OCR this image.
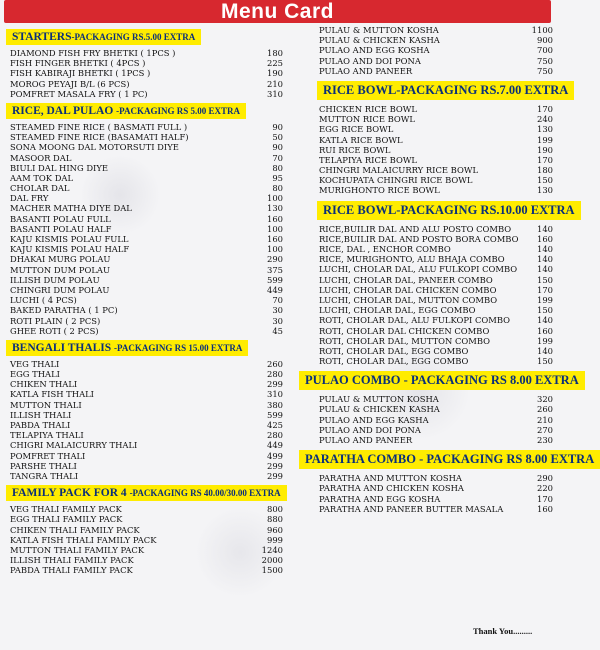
Menu Card
STARTERS-PACKAGING RS.5.00 EXTRA
DIAMOND FISH FRY BHETKI ( 1PCS )	180
FISH FINGER BHETKI ( 4PCS )	225
FISH KABIRAJI BHETKI ( 1PCS )	190
MOROG PEYAJI B/L (6 PCS)	210
POMFRET MASALA FRY ( 1 PC)	310
RICE, DAL PULAO -PACKAGING RS 5.00 EXTRA
STEAMED FINE RICE ( BASMATI FULL )	90
STEAMED FINE RICE (BASAMATI HALF)	50
SONA MOONG DAL MOTORSUTI DIYE	90
MASOOR DAL	70
BIULI DAL HING DIYE	80
AAM TOK DAL	95
CHOLAR DAL	80
DAL FRY	100
MACHER MATHA DIYE DAL	130
BASANTI POLAU FULL	160
BASANTI POLAU HALF	100
KAJU KISMIS POLAU FULL	160
KAJU KISMIS POLAU HALF	100
DHAKAI MURG POLAU	290
MUTTON DUM POLAU	375
ILLISH DUM POLAU	599
CHINGRI DUM POLAU	449
LUCHI ( 4 PCS)	70
BAKED PARATHA ( 1 PC)	30
ROTI PLAIN ( 2 PCS)	30
GHEE ROTI ( 2 PCS)	45
BENGALI THALIS -PACKAGING RS 15.00 EXTRA
VEG THALI	260
EGG THALI	280
CHIKEN THALI	299
KATLA FISH THALI	310
MUTTON THALI	380
ILLISH THALI	599
PABDA THALI	425
TELAPIYA THALI	280
CHIGRI MALAICURRY THALI	449
POMFRET THALI	499
PARSHE THALI	299
TANGRA THALI	299
FAMILY PACK FOR 4 -PACKAGING RS 40.00/30.00 EXTRA
VEG THALI FAMILY PACK	800
EGG THALI FAMILY PACK	880
CHIKEN THALI FAMILY PACK	960
KATLA FISH THALI FAMILY PACK	999
MUTTON THALI FAMILY PACK	1240
ILLISH THALI FAMILY PACK	2000
PABDA THALI FAMILY PACK	1500
PULAU & MUTTON KOSHA	1100
PULAU & CHICKEN KASHA	900
PULAO AND EGG KOSHA	700
PULAO AND DOI PONA	750
PULAO AND PANEER	750
RICE BOWL-PACKAGING RS.7.00 EXTRA
CHICKEN RICE BOWL	170
MUTTON RICE BOWL	240
EGG RICE BOWL	130
KATLA RICE BOWL	199
RUI RICE BOWL	190
TELAPIYA RICE BOWL	170
CHINGRI MALAICURRY RICE BOWL	180
KOCHUPATA CHINGRI RICE BOWL	150
MURIGHONTO RICE BOWL	130
RICE BOWL-PACKAGING RS.10.00 EXTRA
RICE,BUILIR DAL AND ALU POSTO COMBO	140
RICE,BUILIR DAL AND POSTO BORA COMBO	160
RICE, DAL , ENCHOR COMBO	140
RICE, MURIGHONTO, ALU BHAJA COMBO	140
LUCHI, CHOLAR DAL, ALU FULKOPI COMBO	140
LUCHI, CHOLAR DAL, PANEER COMBO	150
LUCHI, CHOLAR DAL CHICKEN COMBO	170
LUCHI, CHOLAR DAL, MUTTON COMBO	199
LUCHI, CHOLAR DAL, EGG COMBO	150
ROTI, CHOLAR DAL, ALU FULKOPI COMBO	140
ROTI, CHOLAR DAL CHICKEN COMBO	160
ROTI, CHOLAR DAL, MUTTON COMBO	199
ROTI, CHOLAR DAL, EGG COMBO	140
ROTI, CHOLAR DAL, EGG COMBO	150
PULAO COMBO - PACKAGING RS 8.00 EXTRA
PULAU & MUTTON KOSHA	320
PULAU & CHICKEN KASHA	260
PULAO AND EGG KASHA	210
PULAO AND DOI PONA	270
PULAO AND PANEER	230
PARATHA COMBO - PACKAGING RS 8.00 EXTRA
PARATHA AND MUTTON KOSHA	290
PARATHA AND CHICKEN KOSHA	220
PARATHA AND EGG KOSHA	170
PARATHA AND PANEER BUTTER MASALA	160
Thank You.........
